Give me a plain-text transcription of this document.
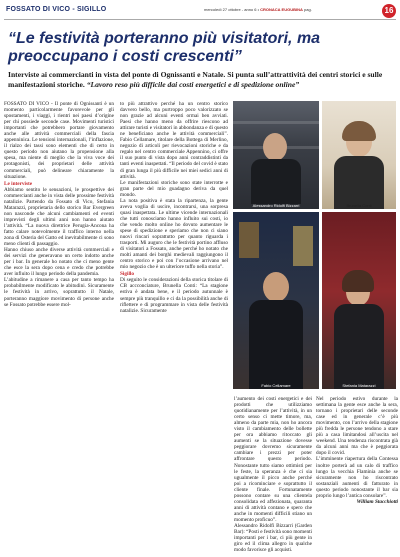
FOSSATO DI VICO - SIGILLO	mercoledì 27 ottobre - anno 6 • CRONACA EUGUBINA pag.	16
“Le festività porteranno più visitatori, ma preoccupano i costi crescenti”
Interviste ai commercianti in vista del ponte di Ognissanti e Natale. Si punta sull’attrattività dei centri storici e sulle manifestazioni storiche. “Lavoro reso più difficile dai costi energetici e di spedizione online”

FOSSATO DI VICO - Il ponte di Ognissanti è un momento particolarmente favorevole per gli spostamenti, i viaggi, i rientri nei paesi d’origine per chi possiede seconde case. Movimenti turistici importanti che potrebbero portare giovamento anche alle attività commerciali della fascia appenninica. Le tensioni internazionali, l’inflazione, il rialzo dei tassi sono elementi che di certo in questo periodo non aiutano la propensione alla spesa, ma niente di meglio che la viva voce dei protagonisti, dei proprietari delle attività commerciali, può delineare chiaramente la situazione.

Le interviste

Abbiamo sentito le sensazioni, le prospettive dei commercianti anche in vista delle prossime festività natalizie. Partendo da Fossato di Vico, Stefania Matarazzi, proprietaria dello storico Bar Evergreen non nasconde che alcuni cambiamenti ed eventi imprevisti degli ultimi anni non hanno aiutato l’attività. “La nuova direttrice Perugia-Ancona ha fatto calare notevolmente il traffico interno nella zona di Osteria del Gatto ed inevitabilmente ci sono meno clienti di passaggio.

Hanno chiuso anche diverse attività commerciali e dei servizi che generavano un certo indotto anche per i bar. In generale ho notato che ci meno gente che esce la sera dopo cena e credo che potrebbe aver influito il lungo periodo della pandemia.

L’abitudine a rimanere a casa per tanto tempo ha probabilmente modificato le abitudini. Sicuramente le festività in arrivo, soprattutto il Natale, porteranno maggiore movimento di persone anche se Fossato potrebbe essere mol-

to più attrattivo perché ha un centro storico davvero bello, ma purtroppo poco valorizzato se non grazie ad alcuni eventi ormai ben avviati. Paesi che hanno meno da offrire riescono ad attirare turisti e visitatori in abbondanza e di questo ne beneficiano anche le attività commerciali”. Fabio Cellamare, titolare della Bottega di Merlino, negozio di articoli per rievocazioni storiche e da regalo nel centro commerciale Appennino, ci offre il suo punto di vista dopo anni contraddistinti da tanti eventi inaspettati. “Il periodo del covid è stato di gran lunga il più difficile nei miei sedici anni di attività.

Le manifestazioni storiche sono state interrotte e gran parte del mio guadagno deriva da quel mondo.

La nota positiva è stata la ripartenza, la gente aveva voglia di uscire, incontrarsi, una sorpresa quasi inaspettata. Le ultime vicende internazionali che tutti conosciamo hanno influito sui costi, io che vendo molto online ho dovuto aumentare le spese di spedizione e speriamo che non ci siano nuovi rincari soprattutto per quanto riguarda i trasporti. Mi auguro che le festività portino affluso di visitatori a Fossato, anche perché ho notato che molti amanti dei borghi medievali raggiungono il centro storico e poi con l’occasione arrivano nel mio negozio che è un ulteriore tuffo nella storia”.

Sigillo

Di seguito le considerazioni della storica titolare di CB accconciature, Brunella Conti: “La stagione estiva è andata bene, e il periodo autunnale è sempre più tranquillo e ci da la possibilità anche di riflettere e di programmare in vista delle festività natalizie. Sicuramente

Alessandro Ridolfi Bizzarri	Brunella Conti
Fabio Cellamare	Stefania Matarazzi

l’aumento dei costi energetici e dei prodotti che utilizziamo quotidianamente per l’attività, in un certo senso ci mette timore, ma, almeno da parte mia, non ho ancora visto il cambiamento delle bollette per ora abbiamo ritoccato gli aumenti se la situazione dovesse peggiorare dovremo sicuramente cambiare i prezzi per poter affrontare questo periodo. Nonostante tutto siamo ottimisti per le feste, la speranza è che ci sia ugualmente il picco anche perché poi a ricominciare e soprattutto il cliente finale. Fortunatamente possono contare su una clientela consolidata ed affezionata, quaranta anni di attività contano e spero che anche in momenti difficili stiano un momento proficuo”.

Alessandro Ridolfi Bizzarri (Garden Bar): “Posti e festività sono momenti importanti per i bar, ci più gente in giro ed il clima allegro in qualche modo favorisce gli acquisti.

Nel periodo estivo durante la settimana la gente esce anche la sera, tornano i proprietari delle seconde case ed in generale c’è più movimento, con l’arrivo della stagione più fredda le persone tendono a stare più a casa limitandosi all’uscita nel weekend. Una tendenza riscontrata già da alcuni anni ma che è peggiorata dopo il covid.

L’imminente riapertura della Contessa inoltre porterà ad un calo di traffico lungo la vecchia Flaminia anche se sicuramente non ho riscontrato sostanziali aumenti di fatturato in questo periodo nonostante il bar sia proprio lungo l’antica consolare”.

William Stacchiotti
